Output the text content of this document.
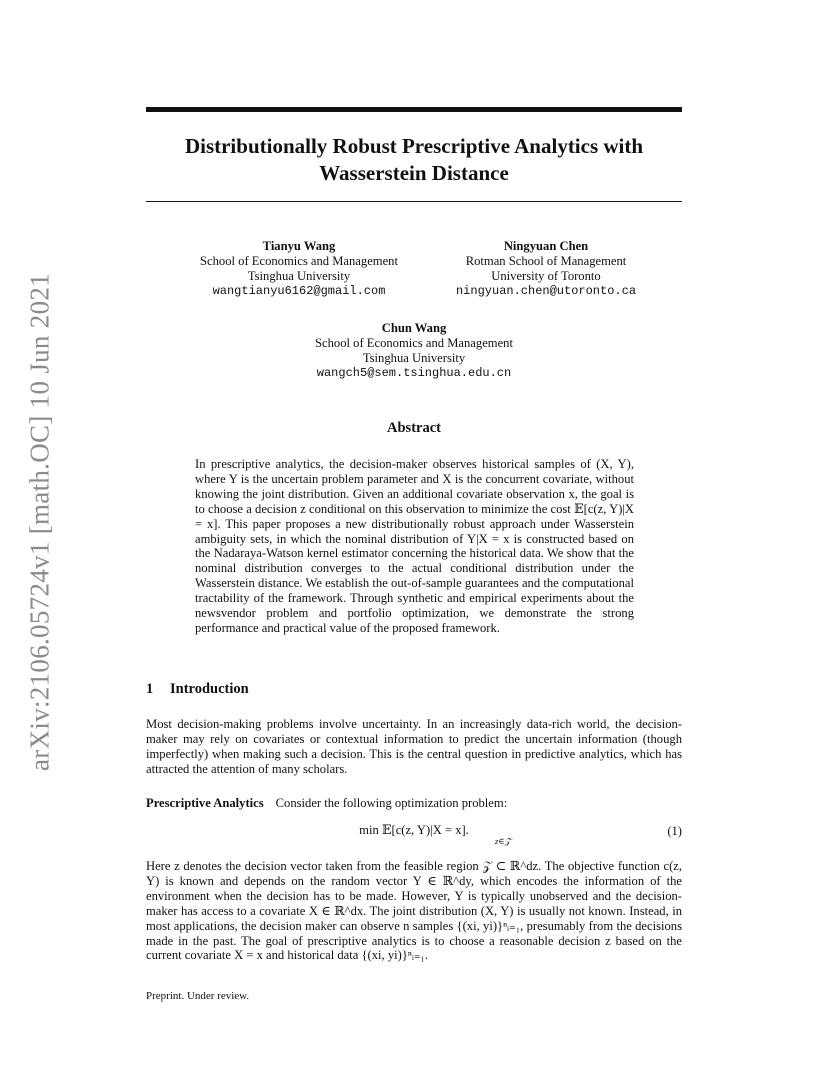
arXiv:2106.05724v1 [math.OC] 10 Jun 2021
Distributionally Robust Prescriptive Analytics with
Wasserstein Distance
Tianyu Wang
School of Economics and Management
Tsinghua University
wangtianyu6162@gmail.com
Ningyuan Chen
Rotman School of Management
University of Toronto
ningyuan.chen@utoronto.ca
Chun Wang
School of Economics and Management
Tsinghua University
wangch5@sem.tsinghua.edu.cn
Abstract

In prescriptive analytics, the decision-maker observes historical samples of (X, Y), where Y is the uncertain problem parameter and X is the concurrent covariate, without knowing the joint distribution. Given an additional covariate observation x, the goal is to choose a decision z conditional on this observation to minimize the cost 𝔼[c(z, Y)|X = x]. This paper proposes a new distributionally robust approach under Wasserstein ambiguity sets, in which the nominal distribution of Y|X = x is constructed based on the Nadaraya-Watson kernel estimator concerning the historical data. We show that the nominal distribution converges to the actual conditional distribution under the Wasserstein distance. We establish the out-of-sample guarantees and the computational tractability of the framework. Through synthetic and empirical experiments about the newsvendor problem and portfolio optimization, we demonstrate the strong performance and practical value of the proposed framework.

1 Introduction

Most decision-making problems involve uncertainty. In an increasingly data-rich world, the decision-maker may rely on covariates or contextual information to predict the uncertain information (though imperfectly) when making such a decision. This is the central question in predictive analytics, which has attracted the attention of many scholars.

Prescriptive Analytics Consider the following optimization problem:

min 𝔼[c(z, Y)|X = x].
z∈𝒵
(1)

Here z denotes the decision vector taken from the feasible region 𝒵 ⊂ ℝ^dz. The objective function c(z, Y) is known and depends on the random vector Y ∈ ℝ^dy, which encodes the information of the environment when the decision has to be made. However, Y is typically unobserved and the decision-maker has access to a covariate X ∈ ℝ^dx. The joint distribution (X, Y) is usually not known. Instead, in most applications, the decision maker can observe n samples {(xi, yi)}ⁿᵢ₌₁, presumably from the decisions made in the past. The goal of prescriptive analytics is to choose a reasonable decision z based on the current covariate X = x and historical data {(xi, yi)}ⁿᵢ₌₁.

Preprint. Under review.
